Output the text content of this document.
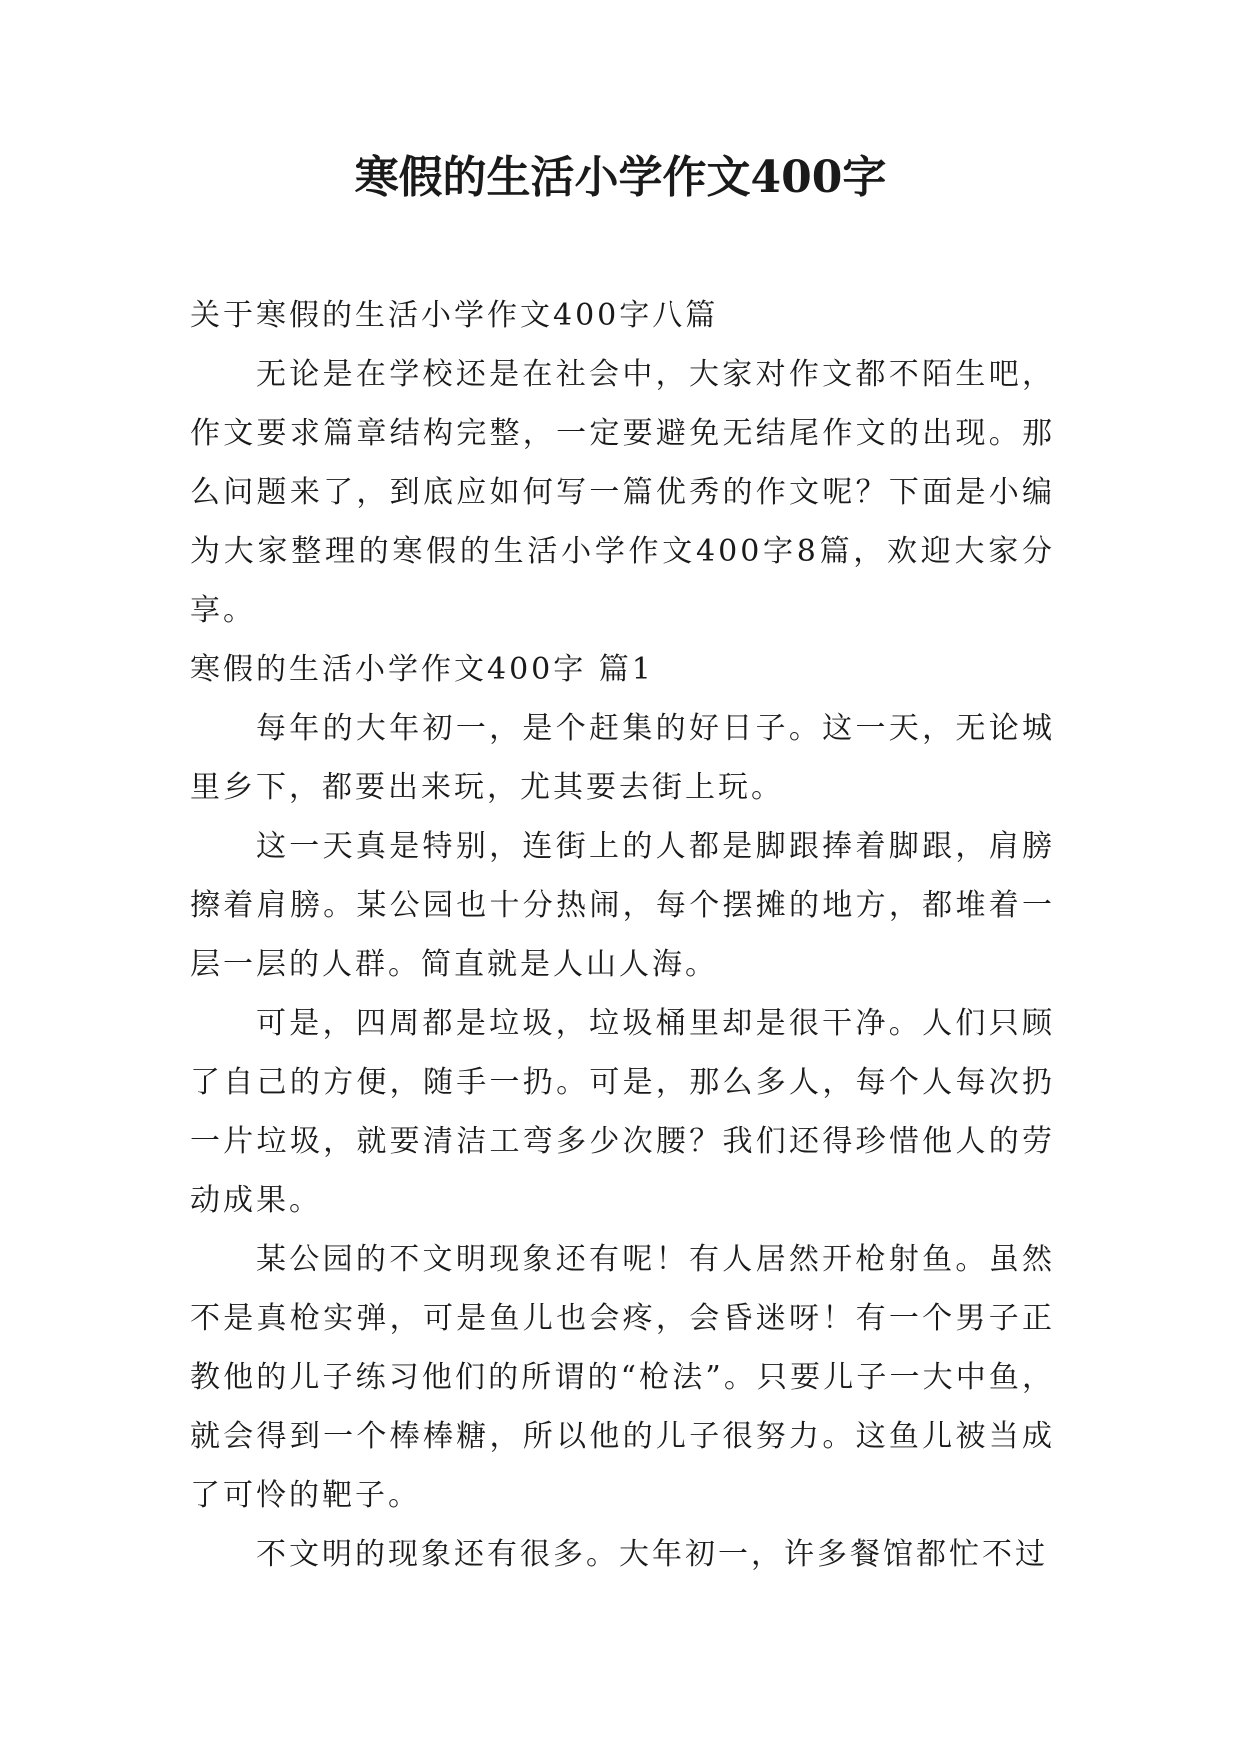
寒假的生活小学作文400字

关于寒假的生活小学作文400字八篇

无论是在学校还是在社会中，大家对作文都不陌生吧，作文要求篇章结构完整，一定要避免无结尾作文的出现。那么问题来了，到底应如何写一篇优秀的作文呢？下面是小编为大家整理的寒假的生活小学作文400字8篇，欢迎大家分享。

寒假的生活小学作文400字 篇1

每年的大年初一，是个赶集的好日子。这一天，无论城里乡下，都要出来玩，尤其要去街上玩。

这一天真是特别，连街上的人都是脚跟捧着脚跟，肩膀擦着肩膀。某公园也十分热闹，每个摆摊的地方，都堆着一层一层的人群。简直就是人山人海。

可是，四周都是垃圾，垃圾桶里却是很干净。人们只顾了自己的方便，随手一扔。可是，那么多人，每个人每次扔一片垃圾，就要清洁工弯多少次腰？我们还得珍惜他人的劳动成果。

某公园的不文明现象还有呢！有人居然开枪射鱼。虽然不是真枪实弹，可是鱼儿也会疼，会昏迷呀！有一个男子正教他的儿子练习他们的所谓的“枪法”。只要儿子一大中鱼，就会得到一个棒棒糖，所以他的儿子很努力。这鱼儿被当成了可怜的靶子。

不文明的现象还有很多。大年初一，许多餐馆都忙不过
